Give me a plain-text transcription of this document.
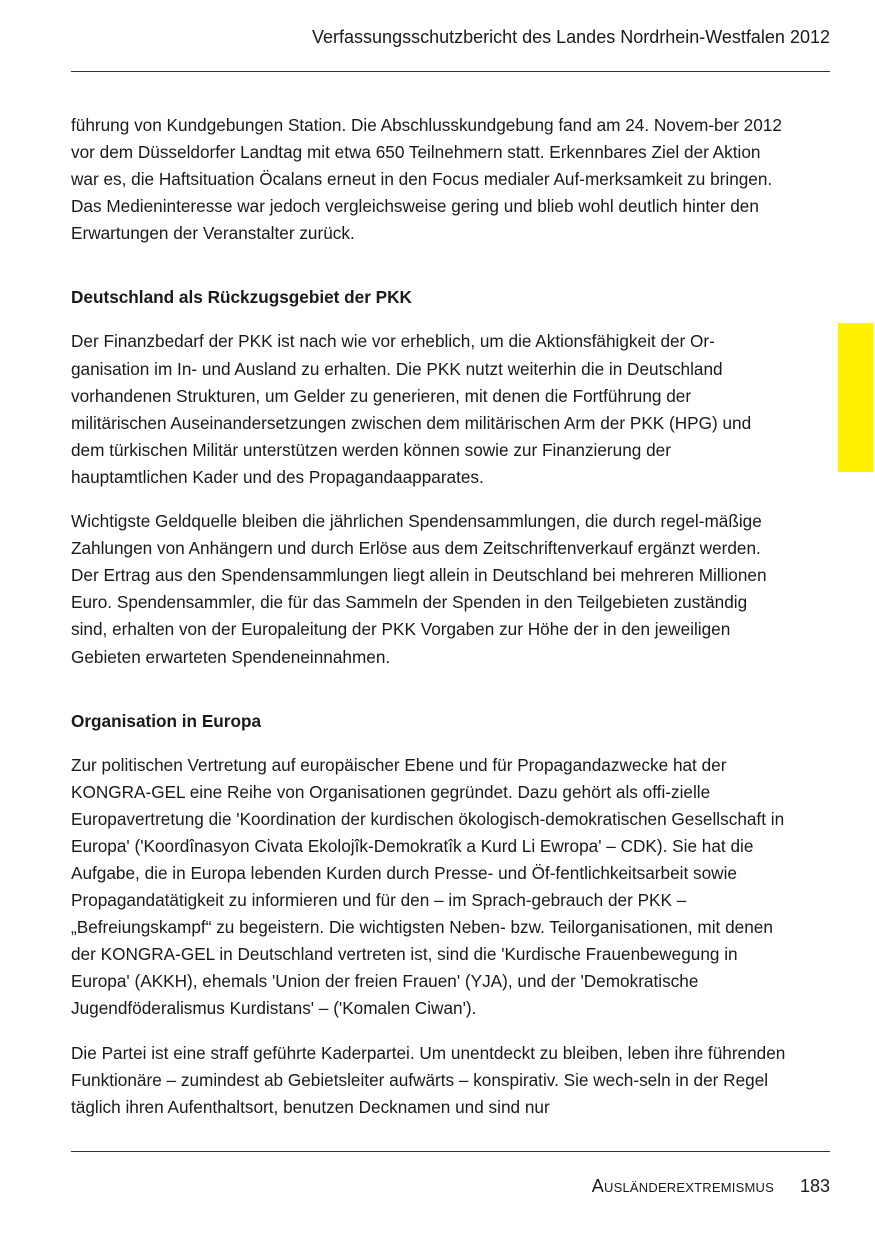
Verfassungsschutzbericht des Landes Nordrhein-Westfalen 2012

führung von Kundgebungen Station. Die Abschlusskundgebung fand am 24. Novem-ber 2012 vor dem Düsseldorfer Landtag mit etwa 650 Teilnehmern statt. Erkennbares Ziel der Aktion war es, die Haftsituation Öcalans erneut in den Focus medialer Auf-merksamkeit zu bringen. Das Medieninteresse war jedoch vergleichsweise gering und blieb wohl deutlich hinter den Erwartungen der Veranstalter zurück.

Deutschland als Rückzugsgebiet der PKK

Der Finanzbedarf der PKK ist nach wie vor erheblich, um die Aktionsfähigkeit der Or-ganisation im In- und Ausland zu erhalten. Die PKK nutzt weiterhin die in Deutschland vorhandenen Strukturen, um Gelder zu generieren, mit denen die Fortführung der militärischen Auseinandersetzungen zwischen dem militärischen Arm der PKK (HPG) und dem türkischen Militär unterstützen werden können sowie zur Finanzierung der hauptamtlichen Kader und des Propagandaapparates.

Wichtigste Geldquelle bleiben die jährlichen Spendensammlungen, die durch regel-mäßige Zahlungen von Anhängern und durch Erlöse aus dem Zeitschriftenverkauf ergänzt werden. Der Ertrag aus den Spendensammlungen liegt allein in Deutschland bei mehreren Millionen Euro. Spendensammler, die für das Sammeln der Spenden in den Teilgebieten zuständig sind, erhalten von der Europaleitung der PKK Vorgaben zur Höhe der in den jeweiligen Gebieten erwarteten Spendeneinnahmen.

Organisation in Europa

Zur politischen Vertretung auf europäischer Ebene und für Propagandazwecke hat der KONGRA-GEL eine Reihe von Organisationen gegründet. Dazu gehört als offi-zielle Europavertretung die 'Koordination der kurdischen ökologisch-demokratischen Gesellschaft in Europa' ('Koordînasyon Civata Ekolojîk-Demokratîk a Kurd Li Ewropa' – CDK). Sie hat die Aufgabe, die in Europa lebenden Kurden durch Presse- und Öf-fentlichkeitsarbeit sowie Propagandatätigkeit zu informieren und für den – im Sprach-gebrauch der PKK – „Befreiungskampf“ zu begeistern. Die wichtigsten Neben- bzw. Teilorganisationen, mit denen der KONGRA-GEL in Deutschland vertreten ist, sind die 'Kurdische Frauenbewegung in Europa' (AKKH), ehemals 'Union der freien Frauen' (YJA), und der 'Demokratische Jugendföderalismus Kurdistans' – ('Komalen Ciwan').

Die Partei ist eine straff geführte Kaderpartei. Um unentdeckt zu bleiben, leben ihre führenden Funktionäre – zumindest ab Gebietsleiter aufwärts – konspirativ. Sie wech-seln in der Regel täglich ihren Aufenthaltsort, benutzen Decknamen und sind nur

Ausländerextremismus 183
